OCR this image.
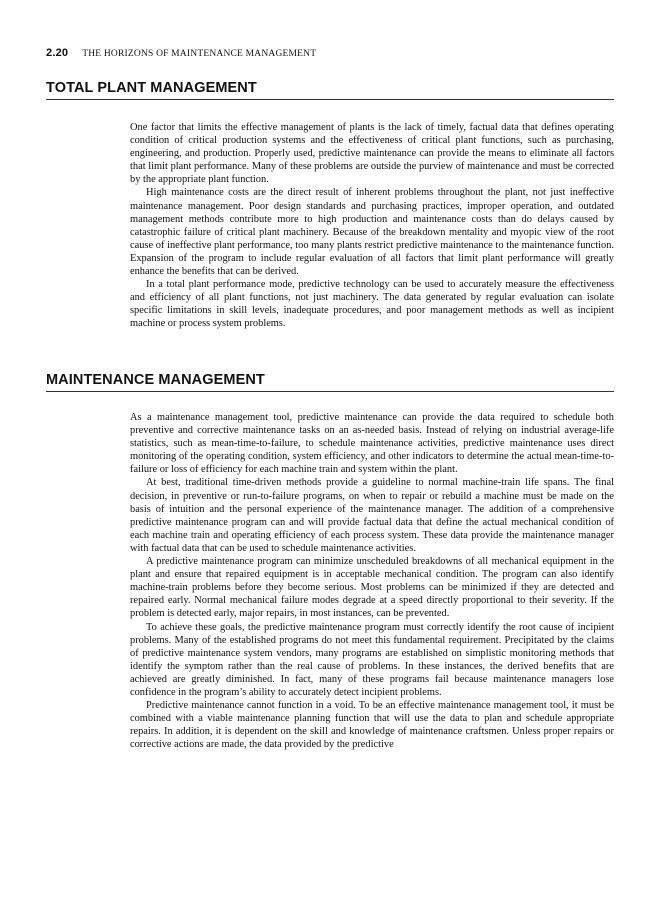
2.20 THE HORIZONS OF MAINTENANCE MANAGEMENT
TOTAL PLANT MANAGEMENT

One factor that limits the effective management of plants is the lack of timely, factual data that defines operating condition of critical production systems and the effectiveness of critical plant functions, such as purchasing, engineering, and production. Properly used, predictive maintenance can provide the means to eliminate all factors that limit plant performance. Many of these problems are outside the purview of maintenance and must be corrected by the appropriate plant function.

High maintenance costs are the direct result of inherent problems throughout the plant, not just ineffective maintenance management. Poor design standards and purchasing practices, improper operation, and outdated management methods contribute more to high production and maintenance costs than do delays caused by catastrophic failure of critical plant machinery. Because of the breakdown mentality and myopic view of the root cause of ineffective plant performance, too many plants restrict predictive maintenance to the maintenance function. Expansion of the program to include regular evaluation of all factors that limit plant performance will greatly enhance the benefits that can be derived.

In a total plant performance mode, predictive technology can be used to accurately measure the effectiveness and efficiency of all plant functions, not just machinery. The data generated by regular evaluation can isolate specific limitations in skill levels, inadequate procedures, and poor management methods as well as incipient machine or process system problems.

MAINTENANCE MANAGEMENT

As a maintenance management tool, predictive maintenance can provide the data required to schedule both preventive and corrective maintenance tasks on an as-needed basis. Instead of relying on industrial average-life statistics, such as mean-time-to-failure, to schedule maintenance activities, predictive maintenance uses direct monitoring of the operating condition, system efficiency, and other indicators to determine the actual mean-time-to-failure or loss of efficiency for each machine train and system within the plant.

At best, traditional time-driven methods provide a guideline to normal machine-train life spans. The final decision, in preventive or run-to-failure programs, on when to repair or rebuild a machine must be made on the basis of intuition and the personal experience of the maintenance manager. The addition of a comprehensive predictive maintenance program can and will provide factual data that define the actual mechanical condition of each machine train and operating efficiency of each process system. These data provide the maintenance manager with factual data that can be used to schedule maintenance activities.

A predictive maintenance program can minimize unscheduled breakdowns of all mechanical equipment in the plant and ensure that repaired equipment is in acceptable mechanical condition. The program can also identify machine-train problems before they become serious. Most problems can be minimized if they are detected and repaired early. Normal mechanical failure modes degrade at a speed directly proportional to their severity. If the problem is detected early, major repairs, in most instances, can be prevented.

To achieve these goals, the predictive maintenance program must correctly identify the root cause of incipient problems. Many of the established programs do not meet this fundamental requirement. Precipitated by the claims of predictive maintenance system vendors, many programs are established on simplistic monitoring methods that identify the symptom rather than the real cause of problems. In these instances, the derived benefits that are achieved are greatly diminished. In fact, many of these programs fail because maintenance managers lose confidence in the program’s ability to accurately detect incipient problems.

Predictive maintenance cannot function in a void. To be an effective maintenance management tool, it must be combined with a viable maintenance planning function that will use the data to plan and schedule appropriate repairs. In addition, it is dependent on the skill and knowledge of maintenance craftsmen. Unless proper repairs or corrective actions are made, the data provided by the predictive
